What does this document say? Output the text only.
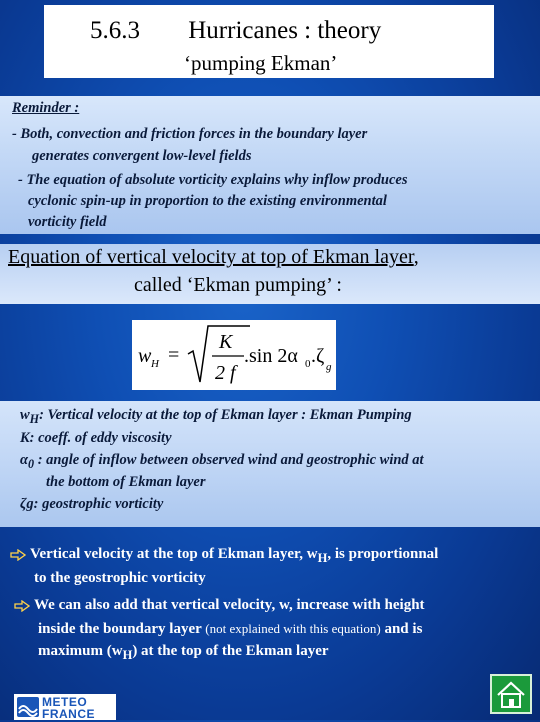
5.6.3 Hurricanes : theory
‘pumping Ekman’

Reminder :

- Both, convection and friction forces in the boundary layer

generates convergent low-level fields

- The equation of absolute vorticity explains why inflow produces

cyclonic spin-up in proportion to the existing environmental

vorticity field

Equation of vertical velocity at top of Ekman layer,
called ‘Ekman pumping’ :
w H =
K
2 f
.sin 2α 0 .ζ g

$w_H$: Vertical velocity at the top of Ekman layer : Ekman Pumping

K: coeff. of eddy viscosity

$\alpha_0$ : angle of inflow between observed wind and geostrophic wind at

the bottom of Ekman layer

ζg: geostrophic vorticity

Vertical velocity at the top of Ekman layer, $w_H$, is proportionnal

to the geostrophic vorticity

We can also add that vertical velocity, w, increase with height

inside the boundary layer (not explained with this equation) and is

maximum $(w_H)$ at the top of the Ekman layer

METEO
FRANCE
